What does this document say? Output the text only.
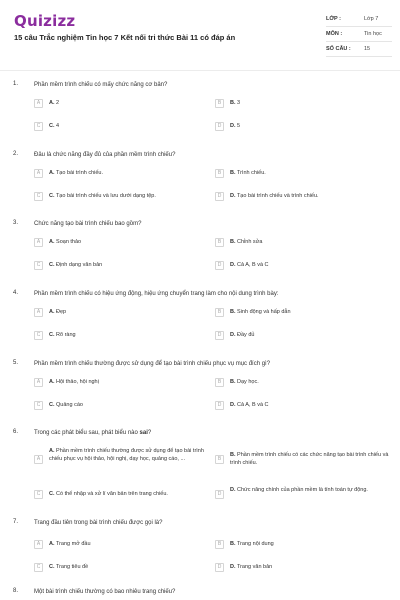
Quizizz
15 câu Trắc nghiệm Tin học 7 Kết nối tri thức Bài 11 có đáp án
LỚP :	Lớp 7
MÔN :	Tin học
SỐ CÂU : 15
1.	Phần mềm trình chiếu có mấy chức năng cơ bản?
A	A. 2	B	B. 3
C	C. 4	D	D. 5
2.	Đâu là chức năng đầy đủ của phần mềm trình chiếu?
A	A. Tạo bài trình chiếu.	B	B. Trình chiếu.
C	C. Tạo bài trình chiếu và lưu dưới dạng tệp.	D	D. Tạo bài trình chiếu và trình chiếu.
3.	Chức năng tạo bài trình chiếu bao gồm?
A	A. Soạn thảo	B	B. Chỉnh sửa
C	C. Định dạng văn bản	D	D. Cả A, B và C
4.	Phần mềm trình chiếu có hiệu ứng động, hiệu ứng chuyển trang làm cho nội dung trình bày:
A	A. Đẹp	B	B. Sinh động và hấp dẫn
C	C. Rõ ràng	D	D. Đầy đủ
5.	Phần mềm trình chiếu thường được sử dụng để tạo bài trình chiếu phục vụ mục đích gì?
A	A. Hội thảo, hội nghị	B	B. Dạy học.
C	C. Quảng cáo	D	D. Cả A, B và C
6.	Trong các phát biểu sau, phát biểu nào sai?
A
A. Phần mềm trình chiếu thường được sử dụng để tạo bài trình chiếu phục vụ hội thảo, hội nghị, dạy học, quảng cáo, ...	B
B. Phần mềm trình chiếu có các chức năng tạo bài trình chiếu và trình chiếu.
C	C. Có thể nhập và xử lí văn bản trên trang chiếu.	D
D. Chức năng chính của phần mềm là tính toán tự động.
7.	Trang đầu tiên trong bài trình chiếu được gọi là?
A	A. Trang mở đầu	B	B. Trang nội dung
C	C. Trang tiêu đề	D	D. Trang văn bản
8.	Một bài trình chiếu thường có bao nhiêu trang chiếu?
